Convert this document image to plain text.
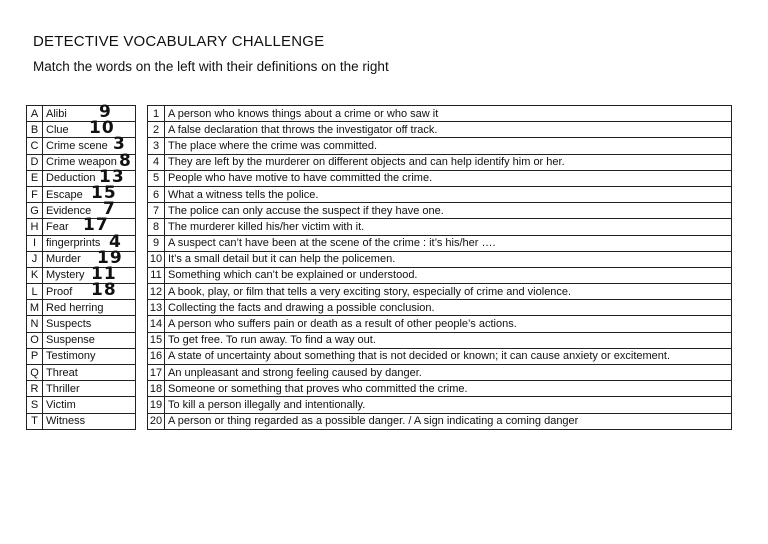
DETECTIVE VOCABULARY CHALLENGE
Match the words on the left with their definitions on the right
A	Alibi 9

B	Clue 10

C	Crime scene 3

D	Crime weapon 8

E	Deduction 13

F	Escape 15

G	Evidence 7

H	Fear 17

I	fingerprints 4

J	Murder 19

K	Mystery 11

L	Proof 18

M	Red herring
N	Suspects
O	Suspense
P	Testimony
Q	Threat
R	Thriller
S	Victim
T	Witness
1	A person who knows things about a crime or who saw it
2	A false declaration that throws the investigator off track.
3	The place where the crime was committed.
4	They are left by the murderer on different objects and can help identify him or her.
5	People who have motive to have committed the crime.
6	What a witness tells the police.
7	The police can only accuse the suspect if they have one.
8	The murderer killed his/her victim with it.
9	A suspect can’t have been at the scene of the crime : it’s his/her ….
10	It’s a small detail but it can help the policemen.
11	Something which can’t be explained or understood.
12	A book, play, or film that tells a very exciting story, especially of crime and violence.
13	Collecting the facts and drawing a possible conclusion.
14	A person who suffers pain or death as a result of other people’s actions.
15	To get free. To run away. To find a way out.
16	A state of uncertainty about something that is not decided or known; it can cause anxiety or excitement.
17	An unpleasant and strong feeling caused by danger.
18	Someone or something that proves who committed the crime.
19	To kill a person illegally and intentionally.
20	A person or thing regarded as a possible danger. / A sign indicating a coming danger
